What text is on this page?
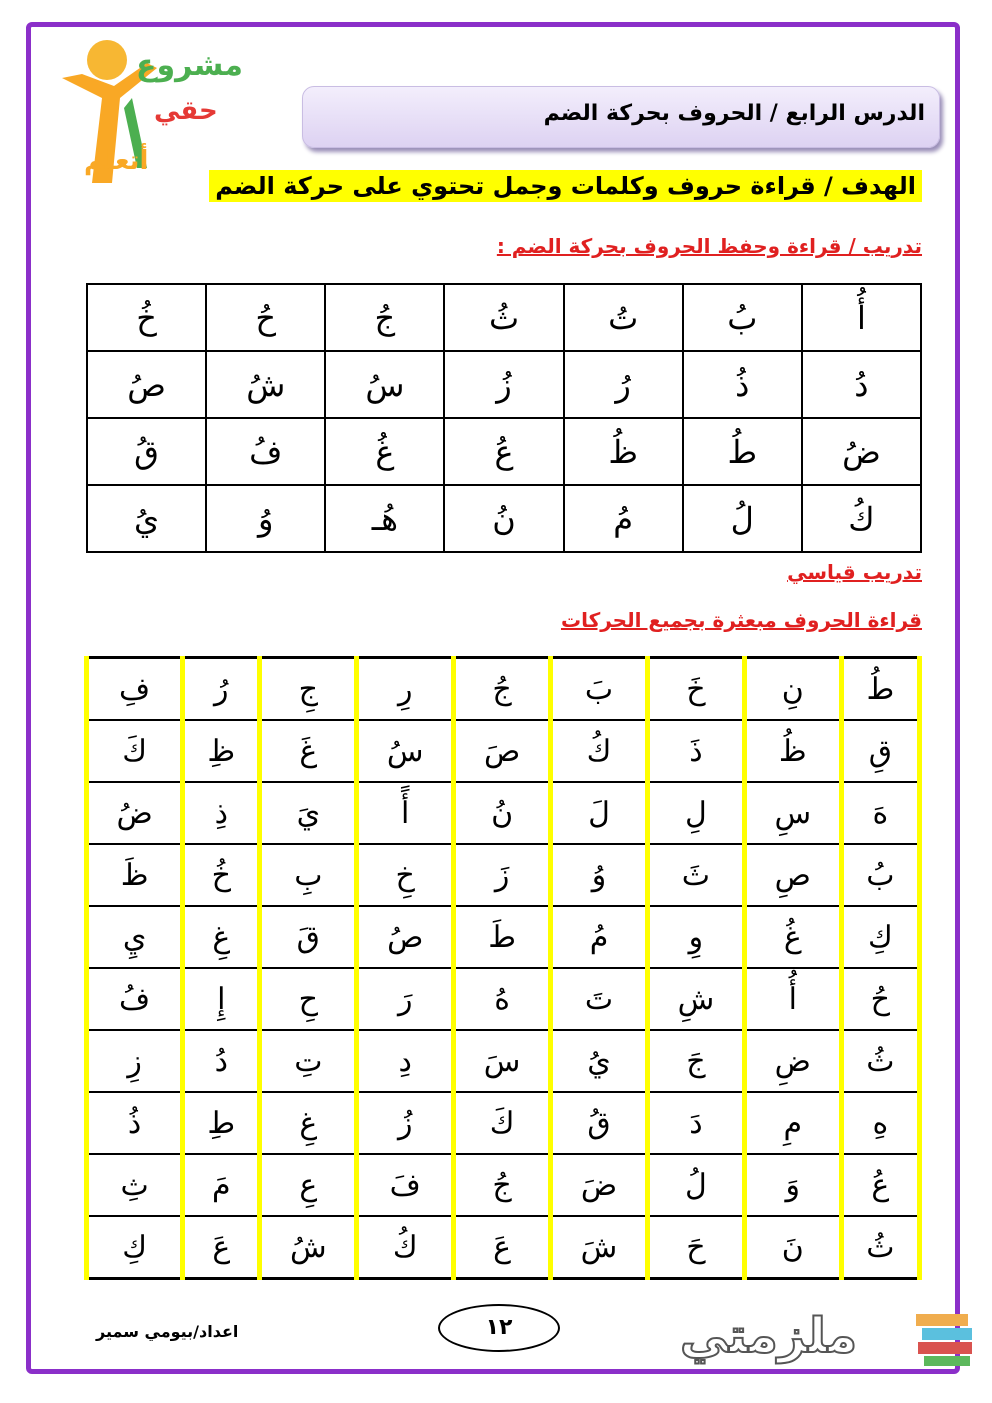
مشروع
حقي
أتعلم
الدرس الرابع / الحروف بحركة الضم
الهدف / قراءة حروف وكلمات وجمل تحتوي على حركة الضم
تدريب / قراءة وحفظ الحروف بحركة الضم :
أُ	بُ	تُ	ثُ	جُ	حُ	خُ
دُ	ذُ	رُ	زُ	سُ	شُ	صُ
ضُ	طُ	ظُ	عُ	غُ	فُ	قُ
كُ	لُ	مُ	نُ	هُـ	وُ	يُ
تدريب قياسي
قراءة الحروف مبعثرة بجميع الحركات
طُ	نِ	خَ	بَ	جُ	رِ	جِ	رُ	فِ
قِ	ظُ	ذَ	كُ	صَ	سُ	غَ	ظِ	كَ
هَ	سِ	لِ	لَ	نُ	أً	يَ	ذِ	ضُ
بُ	صِ	ثَ	وُ	زَ	خِ	بِ	خُ	ظَ
كِ	غُ	وِ	مُ	طَ	صُ	قَ	غِ	يِ
حُ	أُ	شِ	تَ	هُ	رَ	حِ	إِ	فُ
ثُ	ضِ	جَ	يُ	سَ	دِ	تِ	دُ	زِ
هِ	مِ	دَ	قُ	كَ	زُ	غِ	طِ	ذُ
عُ	وَ	لُ	ضَ	جُ	فَ	عِ	مَ	ثِ
ثُ	نَ	حَ	شَ	عَ	كُ	شُ	عَ	كِ
اعداد/بيومي سمير	١٢	ملزمتي
